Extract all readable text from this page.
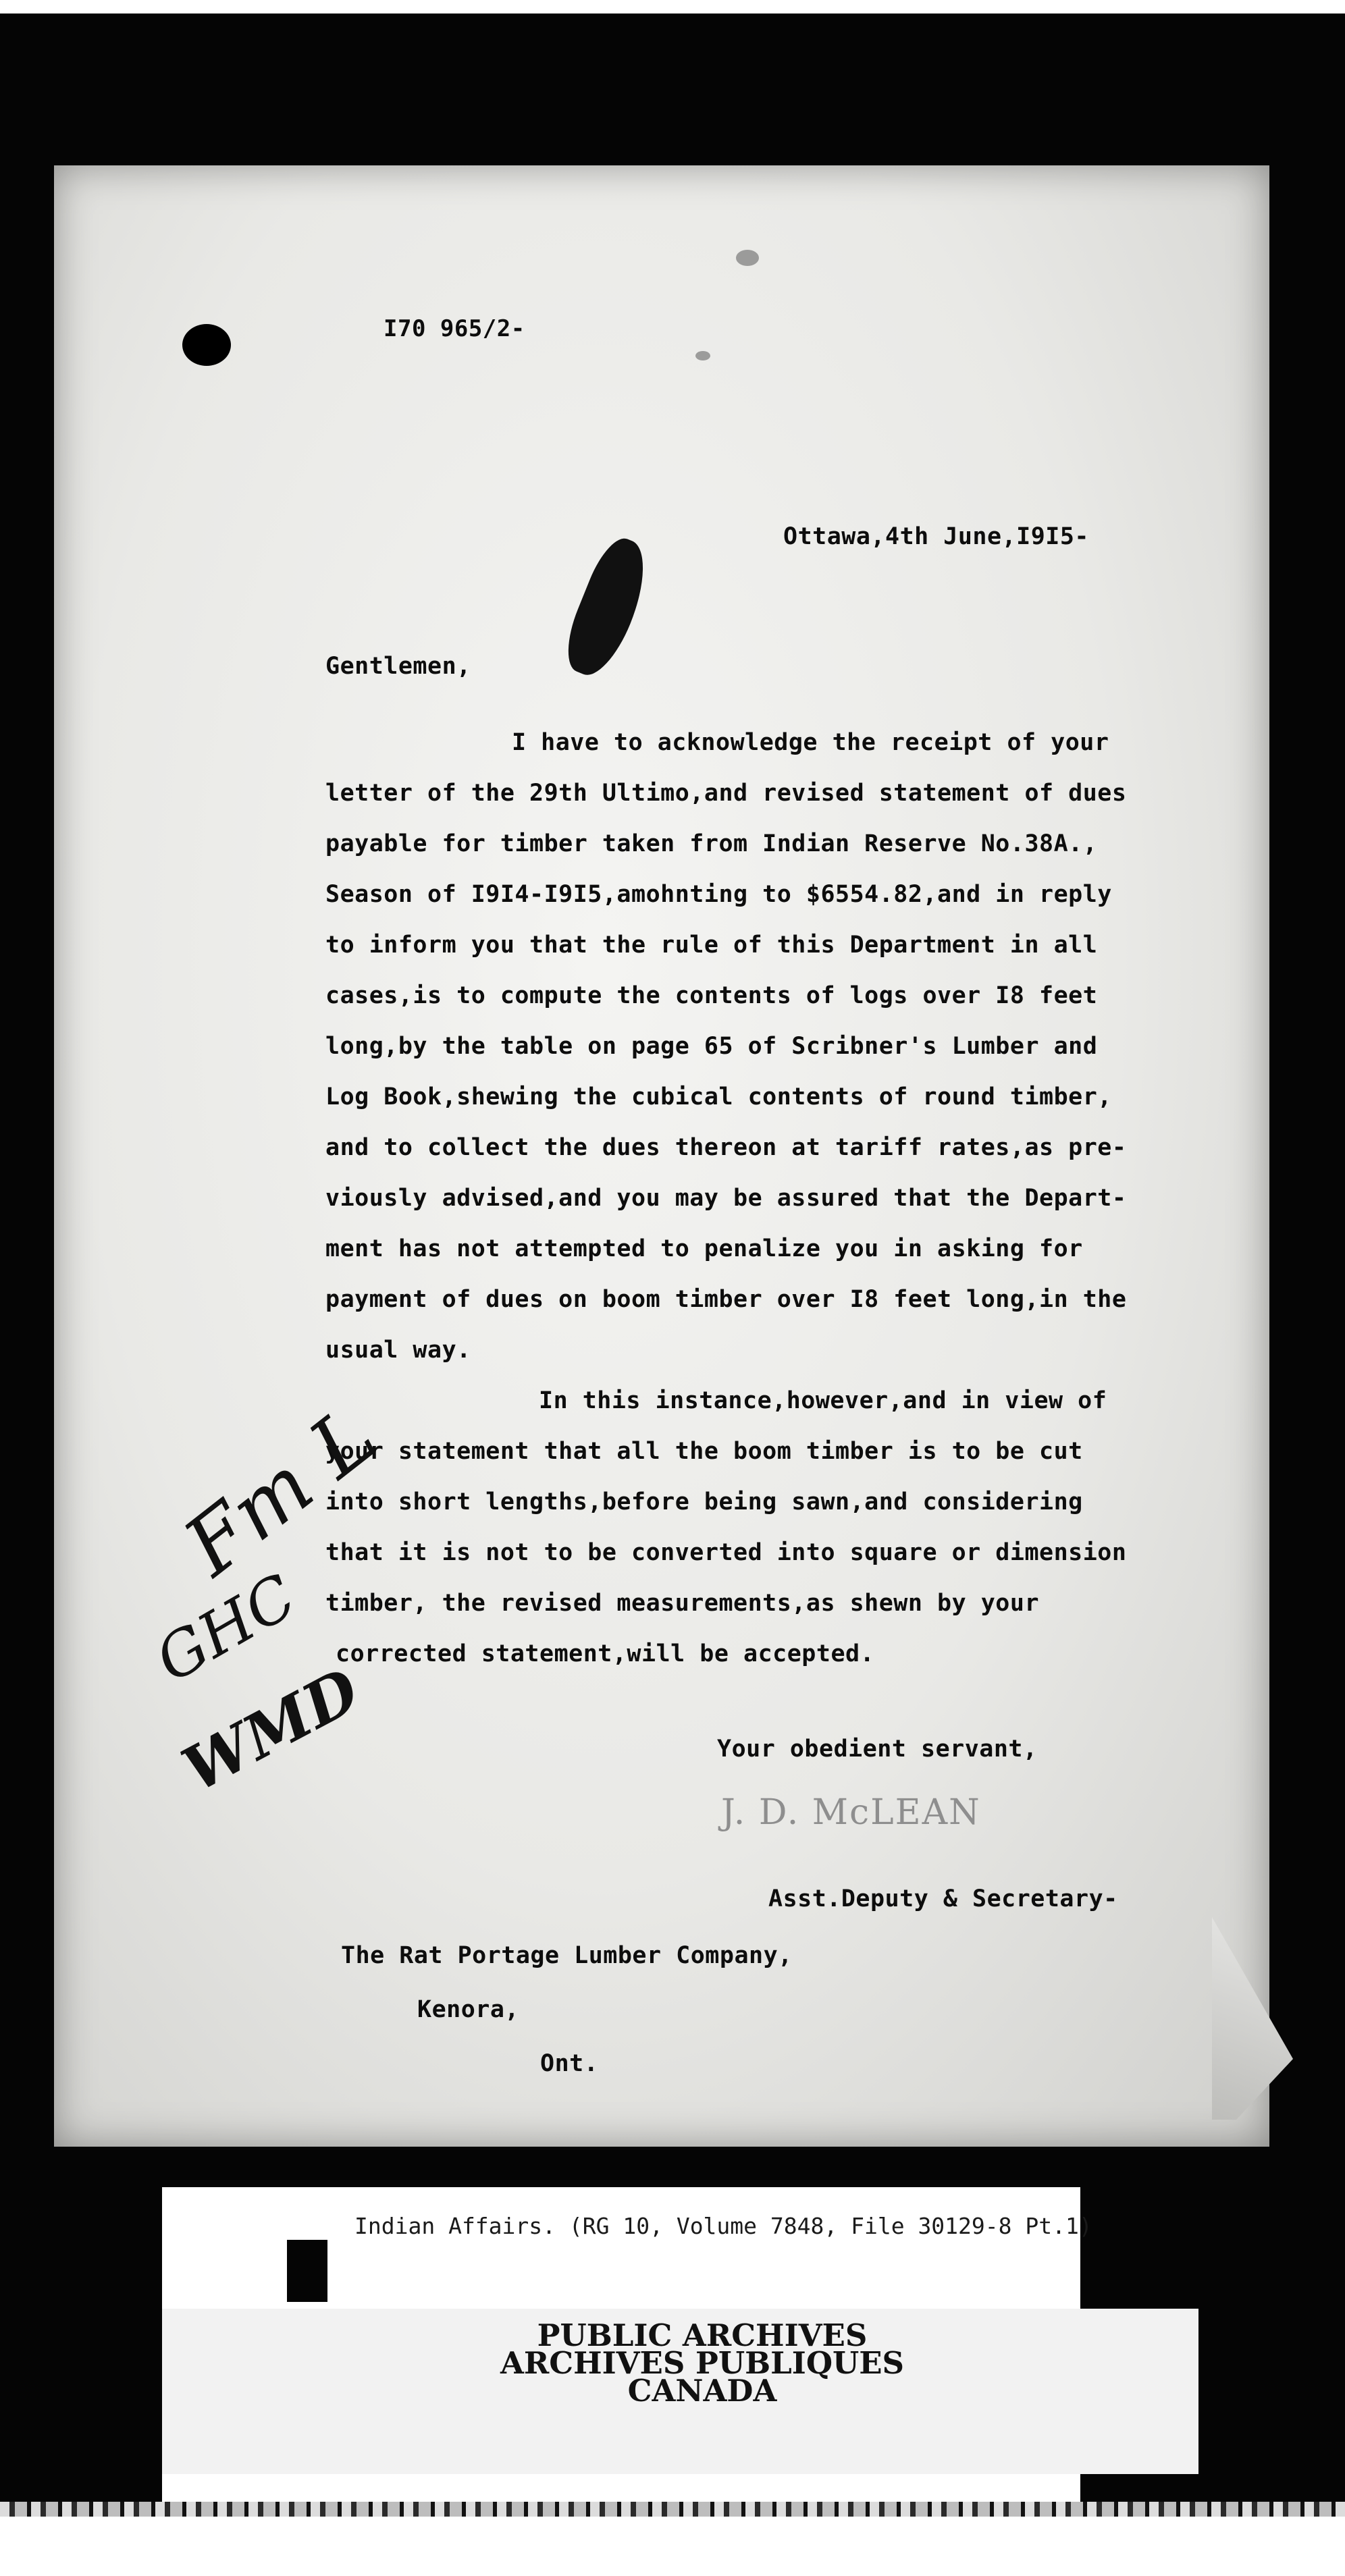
I70 965/2-
Ottawa,4th June,I9I5-
Gentlemen,
I have to acknowledge the receipt of your
letter of the 29th Ultimo,and revised statement of dues
payable for timber taken from Indian Reserve No.38A.,
Season of I9I4-I9I5,amohnting to $6554.82,and in reply
to inform you that the rule of this Department in all
cases,is to compute the contents of logs over I8 feet
long,by the table on page 65 of Scribner's Lumber and
Log Book,shewing the cubical contents of round timber,
and to collect the dues thereon at tariff rates,as pre-
viously advised,and you may be assured that the Depart-
ment has not attempted to penalize you in asking for
payment of dues on boom timber over I8 feet long,in the
usual way.
In this instance,however,and in view of
your statement that all the boom timber is to be cut
into short lengths,before being sawn,and considering
that it is not to be converted into square or dimension
timber, the revised measurements,as shewn by your
corrected statement,will be accepted.
Your obedient servant,
J. D. McLEAN
Asst.Deputy & Secretary-
The Rat Portage Lumber Company,
Kenora,
Ont.
Fm L
GHC
WMD
Indian Affairs. (RG 10, Volume 7848, File 30129-8 Pt.1)
PUBLIC ARCHIVES
ARCHIVES PUBLIQUES
CANADA
